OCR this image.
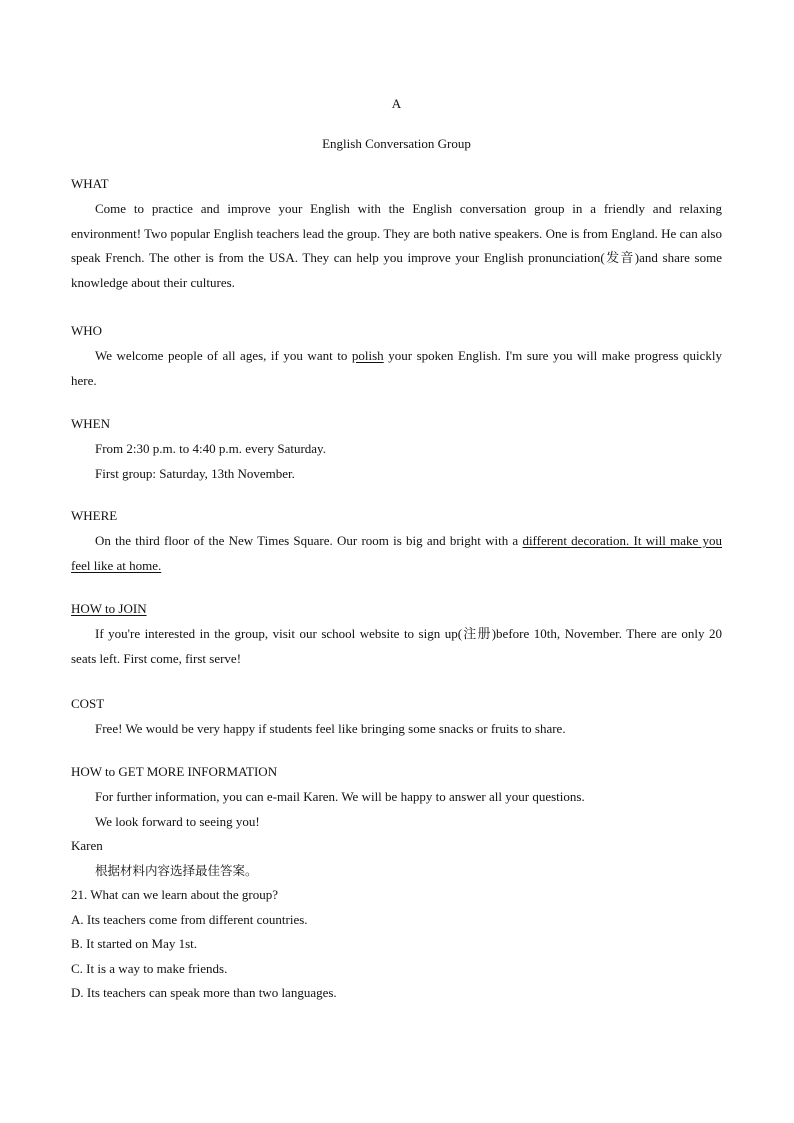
A
English Conversation Group
WHAT
Come to practice and improve your English with the English conversation group in a friendly and relaxing environment! Two popular English teachers lead the group. They are both native speakers. One is from England. He can also speak French. The other is from the USA. They can help you improve your English pronunciation(发音)and share some knowledge about their cultures.
WHO
We welcome people of all ages, if you want to polish your spoken English. I'm sure you will make progress quickly here.
WHEN
From 2:30 p.m. to 4:40 p.m. every Saturday.
First group: Saturday, 13th November.
WHERE
On the third floor of the New Times Square. Our room is big and bright with a different decoration. It will make you feel like at home.
HOW to JOIN
If you're interested in the group, visit our school website to sign up(注册)before 10th, November. There are only 20 seats left. First come, first serve!
COST
Free! We would be very happy if students feel like bringing some snacks or fruits to share.
HOW to GET MORE INFORMATION
For further information, you can e-mail Karen. We will be happy to answer all your questions.
We look forward to seeing you!
Karen
根据材料内容选择最佳答案。
21. What can we learn about the group?
A. Its teachers come from different countries.
B. It started on May 1st.
C. It is a way to make friends.
D. Its teachers can speak more than two languages.
